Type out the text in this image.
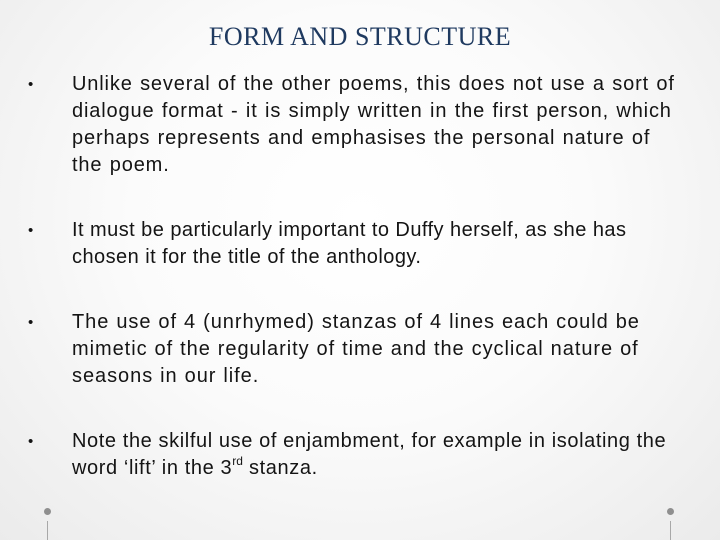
FORM AND STRUCTURE
•	Unlike several of the other poems, this does not use a sort of dialogue format - it is simply written in the first person, which perhaps represents and emphasises the personal nature of the poem.
•	It must be particularly important to Duffy herself, as she has chosen it for the title of the anthology.
•	The use of 4 (unrhymed) stanzas of 4 lines each could be mimetic of the regularity of time and the cyclical nature of seasons in our life.
•	Note the skilful use of enjambment, for example in isolating the word ‘lift’ in the 3rd stanza.
